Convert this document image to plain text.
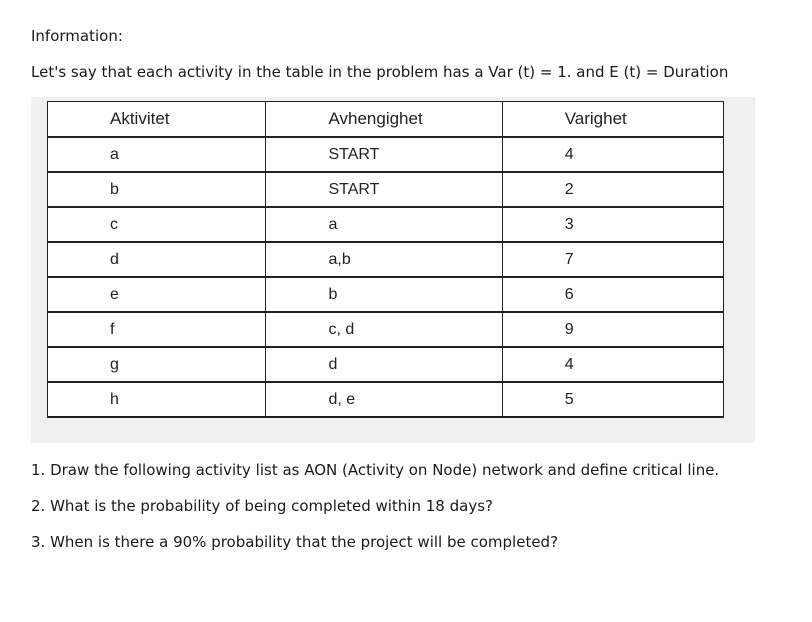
Information:
Let's say that each activity in the table in the problem has a Var (t) = 1. and E (t) = Duration
Aktivitet	Avhengighet	Varighet
a	START	4
b	START	2
c	a	3
d	a,b	7
e	b	6
f	c, d	9
g	d	4
h	d, e	5
1. Draw the following activity list as AON (Activity on Node) network and define critical line.
2. What is the probability of being completed within 18 days?
3. When is there a 90% probability that the project will be completed?
